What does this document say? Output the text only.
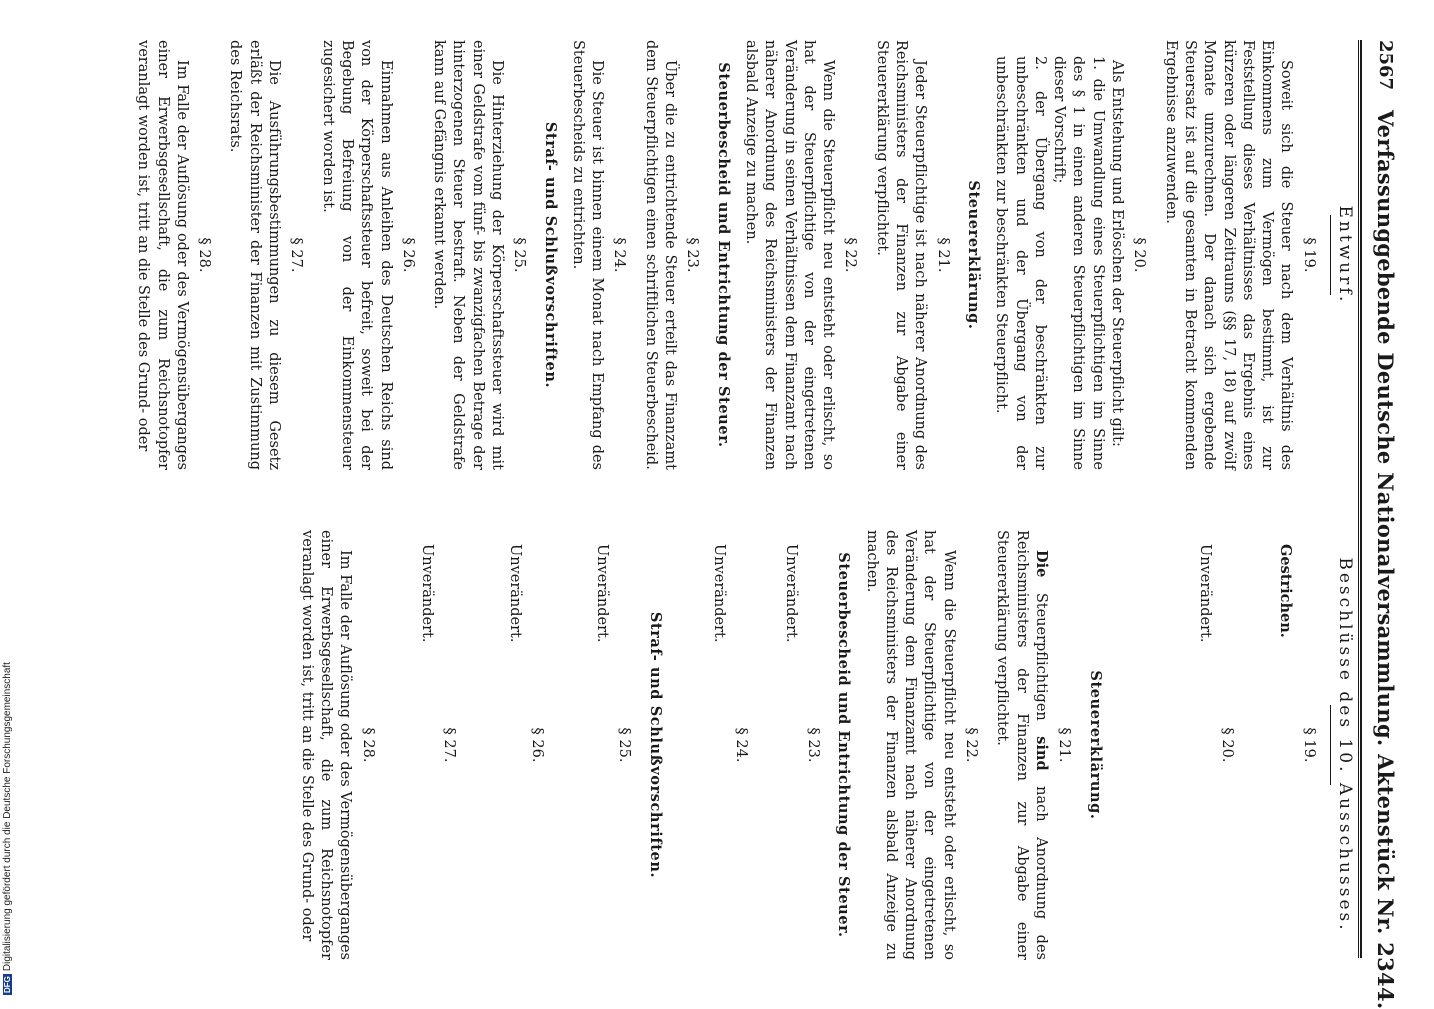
2567
Verfassunggebende Deutsche Nationalversammlung. Aktenstück Nr. 2344.
Entwurf.
§ 19.

Soweit sich die Steuer nach dem Verhältnis des Einkommens zum Vermögen bestimmt, ist zur Feststellung dieses Verhältnisses das Ergebnis eines kürzeren oder längeren Zeitraums (§§ 17, 18) auf zwölf Monate umzurechnen. Der danach sich ergebende Steuersatz ist auf die gesamten in Betracht kommenden Ergebnisse anzuwenden.

§ 20.

Als Entstehung und Erlöschen der Steuerpflicht gilt:

1. die Umwandlung eines Steuerpflichtigen im Sinne des § 1 in einen anderen Steuerpflichtigen im Sinne dieser Vorschrift;

2. der Übergang von der beschränkten zur unbeschränkten und der Übergang von der unbeschränkten zur beschränkten Steuerpflicht.

Steuererklärung.
§ 21.

Jeder Steuerpflichtige ist nach näherer Anordnung des Reichsministers der Finanzen zur Abgabe einer Steuererklärung verpflichtet.

§ 22.

Wenn die Steuerpflicht neu entsteht oder erlischt, so hat der Steuerpflichtige von der eingetretenen Veränderung in seinen Verhältnissen dem Finanzamt nach näherer Anordnung des Reichsministers der Finanzen alsbald Anzeige zu machen.

Steuerbescheid und Entrichtung der Steuer.
§ 23.

Über die zu entrichtende Steuer erteilt das Finanzamt dem Steuerpflichtigen einen schriftlichen Steuerbescheid.

§ 24.

Die Steuer ist binnen einem Monat nach Empfang des Steuerbescheids zu entrichten.

Straf- und Schlußvorschriften.
§ 25.

Die Hinterziehung der Körperschaftssteuer wird mit einer Geldstrafe vom fünf- bis zwanzigfachen Betrage der hinterzogenen Steuer bestraft. Neben der Geldstrafe kann auf Gefängnis erkannt werden.

§ 26.

Einnahmen aus Anleihen des Deutschen Reichs sind von der Körperschaftssteuer befreit, soweit bei der Begebung Befreiung von der Einkommensteuer zugesichert worden ist.

§ 27.

Die Ausführungsbestimmungen zu diesem Gesetz erläßt der Reichsminister der Finanzen mit Zustimmung des Reichsrats.

§ 28.

Im Falle der Auflösung oder des Vermögensüberganges einer Erwerbsgesellschaft, die zum Reichsnotopfer veranlagt worden ist, tritt an die Stelle des Grund- oder

Beschlüsse des 10. Ausschusses.
§ 19.
Gestrichen.
§ 20.
Unverändert.
Steuererklärung.
§ 21.

Die Steuerpflichtigen sind nach Anordnung des Reichsministers der Finanzen zur Abgabe einer Steuererklärung verpflichtet.

§ 22.

Wenn die Steuerpflicht neu entsteht oder erlischt, so hat der Steuerpflichtige von der eingetretenen Veränderung dem Finanzamt nach näherer Anordnung des Reichsministers der Finanzen alsbald Anzeige zu machen.

Steuerbescheid und Entrichtung der Steuer.
§ 23.
Unverändert.
§ 24.
Unverändert.
Straf- und Schlußvorschriften.
§ 25.
Unverändert.
§ 26.
Unverändert.
§ 27.
Unverändert.
§ 28.

Im Falle der Auflösung oder des Vermögensüberganges einer Erwerbsgesellschaft, die zum Reichsnotopfer veranlagt worden ist, tritt an die Stelle des Grund- oder

DFGDigitalisierung gefördert durch die Deutsche Forschungsgemeinschaft
